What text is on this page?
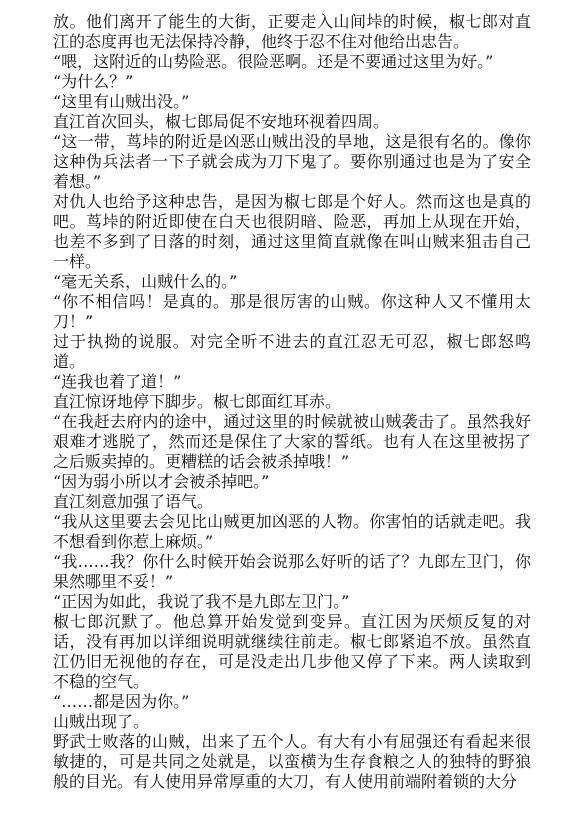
放。他们离开了能生的大街，正要走入山间垰的时候，椒七郎对直江的态度再也无法保持冷静，他终于忍不住对他给出忠告。

“喂，这附近的山势险恶。很险恶啊。还是不要通过这里为好。”

“为什么？”

“这里有山贼出没。”

直江首次回头，椒七郎局促不安地环视着四周。

“这一带，茑垰的附近是凶恶山贼出没的旱地，这是很有名的。像你这种伪兵法者一下子就会成为刀下鬼了。要你别通过也是为了安全着想。”

对仇人也给予这种忠告，是因为椒七郎是个好人。然而这也是真的吧。茑垰的附近即使在白天也很阴暗、险恶，再加上从现在开始，也差不多到了日落的时刻，通过这里简直就像在叫山贼来狙击自己一样。

“毫无关系，山贼什么的。”

“你不相信吗！是真的。那是很厉害的山贼。你这种人又不懂用太刀！”

过于执拗的说服。对完全听不进去的直江忍无可忍，椒七郎怒鸣道。

“连我也着了道！”

直江惊讶地停下脚步。椒七郎面红耳赤。

“在我赶去府内的途中，通过这里的时候就被山贼袭击了。虽然我好艰难才逃脱了，然而还是保住了大家的誓纸。也有人在这里被拐了之后贩卖掉的。更糟糕的话会被杀掉哦！”

“因为弱小所以才会被杀掉吧。”

直江刻意加强了语气。

“我从这里要去会见比山贼更加凶恶的人物。你害怕的话就走吧。我不想看到你惹上麻烦。”

“我……我？你什么时候开始会说那么好听的话了？九郎左卫门，你果然哪里不妥！”

“正因为如此，我说了我不是九郎左卫门。”

椒七郎沉默了。他总算开始发觉到变异。直江因为厌烦反复的对话，没有再加以详细说明就继续往前走。椒七郎紧追不放。虽然直江仍旧无视他的存在，可是没走出几步他又停了下来。两人读取到不稳的空气。

“……都是因为你。”

山贼出现了。

野武士败落的山贼，出来了五个人。有大有小有屈强还有看起来很敏捷的，可是共同之处就是，以蛮横为生存食粮之人的独特的野狼般的目光。有人使用异常厚重的大刀，有人使用前端附着锁的大分
